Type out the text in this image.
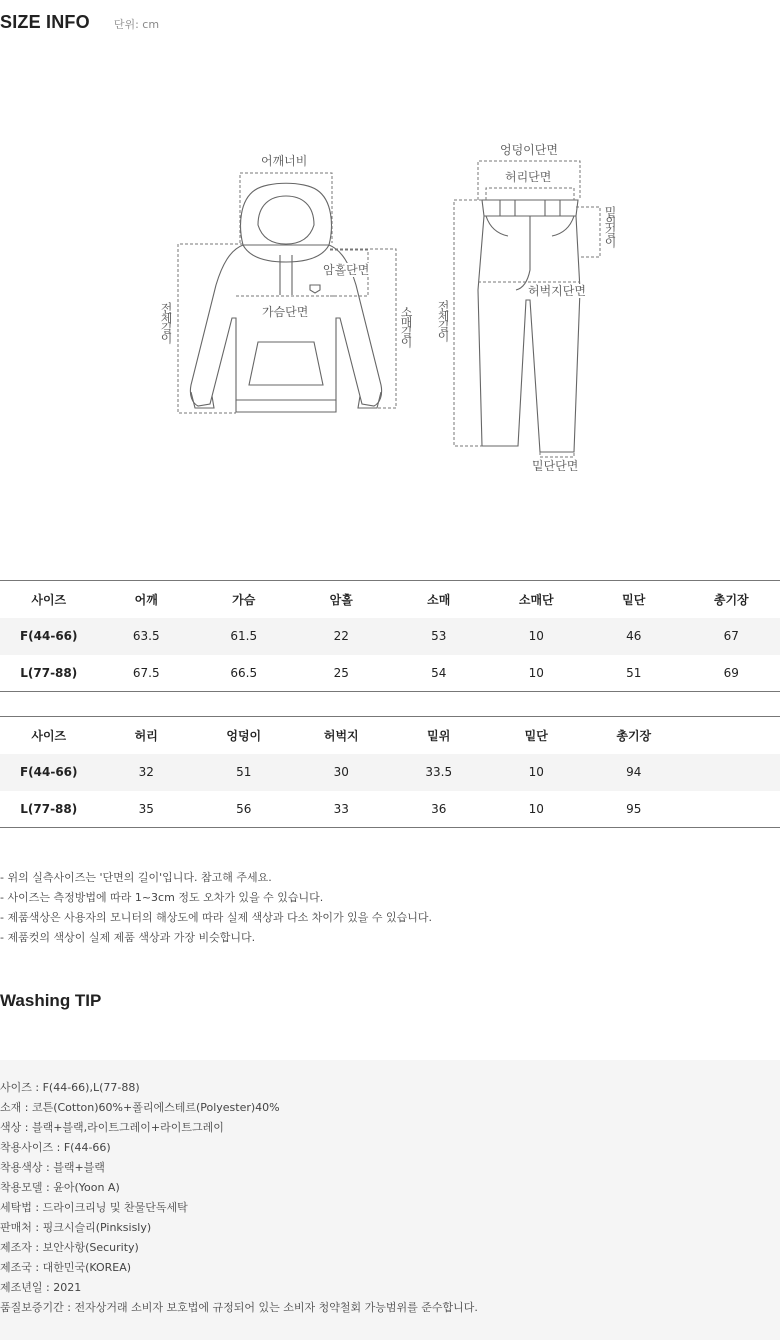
SIZE INFO 단위: cm
어깨너비
암홀단면
가슴단면
전체길이	소매길이
엉덩이단면
허리단면
밑위길이
허벅지단면
전체길이
밑단단면
사이즈	어깨	가슴	암홀	소매	소매단	밑단	총기장
F(44-66)	63.5	61.5	22	53	10	46	67
L(77-88)	67.5	66.5	25	54	10	51	69
사이즈	허리	엉덩이	허벅지	밑위	밑단	총기장	
F(44-66)	32	51	30	33.5	10	94	
L(77-88)	35	56	33	36	10	95	
- 위의 실측사이즈는 '단면의 길이'입니다. 참고해 주세요.
- 사이즈는 측정방법에 따라 1~3cm 정도 오차가 있을 수 있습니다.
- 제품색상은 사용자의 모니터의 해상도에 따라 실제 색상과 다소 차이가 있을 수 있습니다.
- 제품컷의 색상이 실제 제품 색상과 가장 비슷합니다.
Washing TIP
사이즈 : F(44-66),L(77-88)
소재 : 코튼(Cotton)60%+폴리에스테르(Polyester)40%
색상 : 블랙+블랙,라이트그레이+라이트그레이
착용사이즈 : F(44-66)
착용색상 : 블랙+블랙
착용모델 : 윤아(Yoon A)
세탁법 : 드라이크리닝 및 찬물단독세탁
판매처 : 핑크시슬리(Pinksisly)
제조자 : 보안사항(Security)
제조국 : 대한민국(KOREA)
제조년일 : 2021
품질보증기간 : 전자상거래 소비자 보호법에 규정되어 있는 소비자 청약철회 가능범위를 준수합니다.
